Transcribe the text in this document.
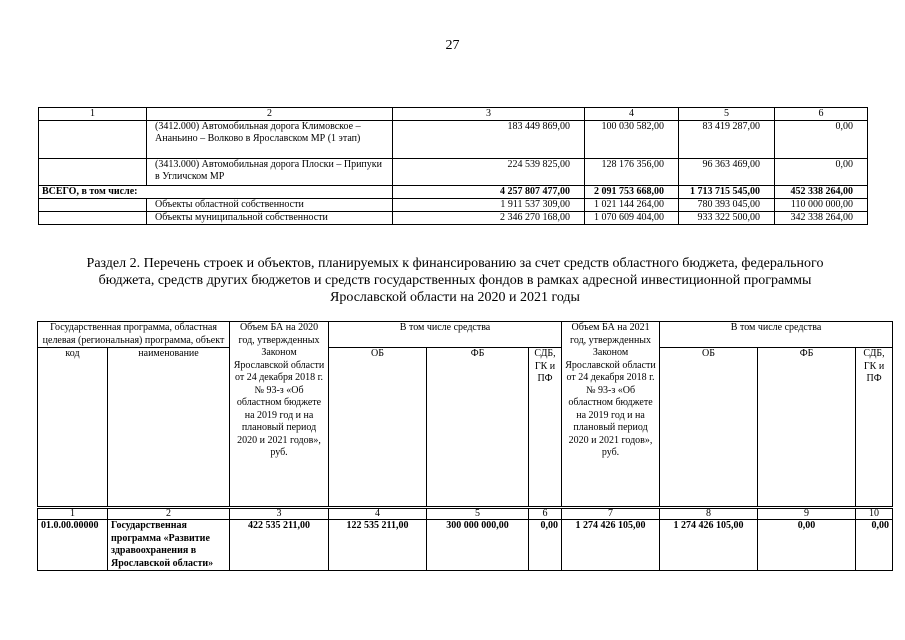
27
1	2	3	4	5	6
	(3412.000) Автомобильная дорога Климовское – Ананьино – Волково в Ярославском МР (1 этап)	183 449 869,00	100 030 582,00	83 419 287,00	0,00
	(3413.000) Автомобильная дорога Плоски – Припуки в Угличском МР	224 539 825,00	128 176 356,00	96 363 469,00	0,00
ВСЕГО, в том числе:		4 257 807 477,00	2 091 753 668,00	1 713 715 545,00	452 338 264,00
	Объекты областной собственности	1 911 537 309,00	1 021 144 264,00	780 393 045,00	110 000 000,00
	Объекты муниципальной собственности	2 346 270 168,00	1 070 609 404,00	933 322 500,00	342 338 264,00
Раздел 2. Перечень строек и объектов, планируемых к финансированию за счет средств областного бюджета, федерального бюджета, средств других бюджетов и средств государственных фондов в рамках адресной инвестиционной программы Ярославской области на 2020 и 2021 годы
Государственная программа, областная целевая (региональная) программа, объект		Объем БА на 2020 год, утвержденных Законом Ярославской области от 24 декабря 2018 г. № 93-з «Об областном бюджете на 2019 год и на плановый период 2020 и 2021 годов», руб.	В том числе средства			Объем БА на 2021 год, утвержденных Законом Ярославской области от 24 декабря 2018 г. № 93-з «Об областном бюджете на 2019 год и на плановый период 2020 и 2021 годов», руб.	В том числе средства		
код	наименование		ОБ	ФБ	СДБ, ГК и ПФ		ОБ	ФБ	СДБ, ГК и ПФ
1	2	3	4	5	6	7	8	9	10
01.0.00.00000	Государственная программа «Развитие здравоохранения в Ярославской области»	422 535 211,00	122 535 211,00	300 000 000,00	0,00	1 274 426 105,00	1 274 426 105,00	0,00	0,00
